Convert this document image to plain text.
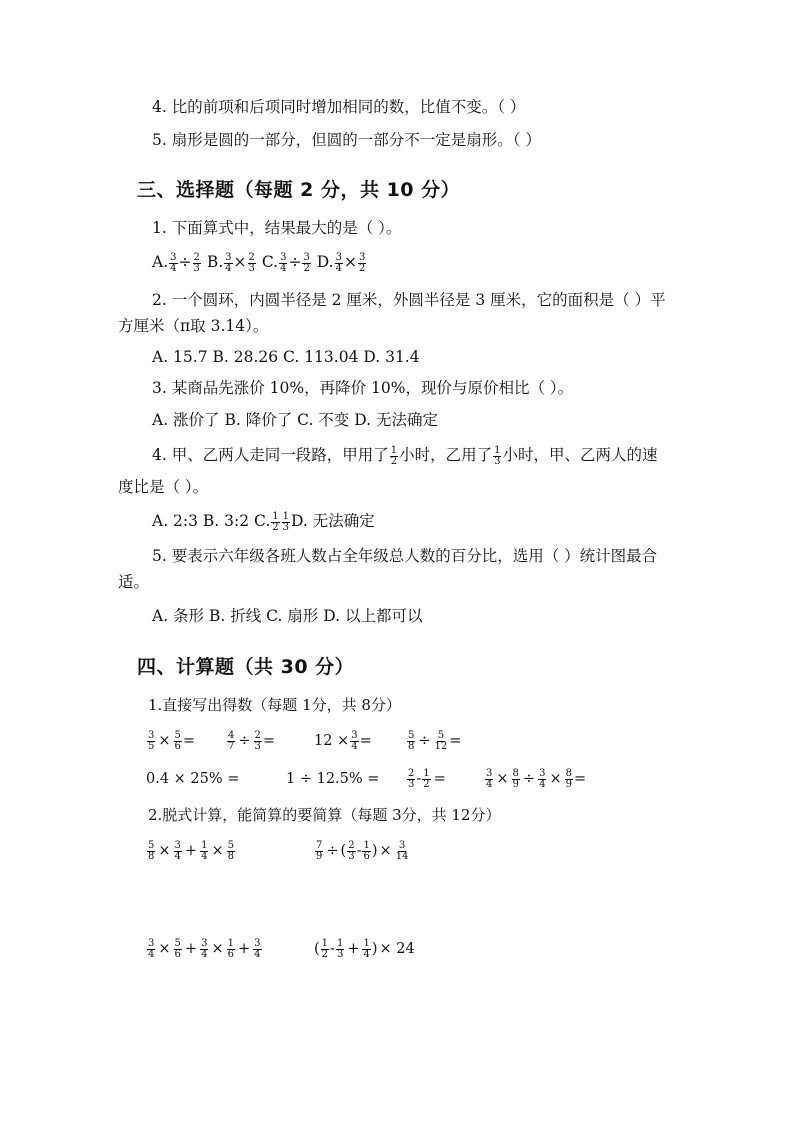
4. 比的前项和后项同时增加相同的数，比值不变。（ ）
5. 扇形是圆的一部分，但圆的一部分不一定是扇形。（ ）
三、选择题（每题 2 分，共 10 分）
1. 下面算式中，结果最大的是（ ）。
A. $\frac{3}{4} \div \frac{2}{3} B$. $\frac{3}{4} \times \frac{2}{3} C$. $\frac{3}{4} \div \frac{3}{2} D$. $\frac{3}{4} \times \frac{3}{2}$
2. 一个圆环，内圆半径是 2 厘米，外圆半径是 3 厘米，它的面积是（ ）平
方厘米（π取 3.14）。
A. 15.7 B. 28.26 C. 113.04 D. 31.4
3. 某商品先涨价 10%，再降价 10%，现价与原价相比（ ）。
A. 涨价了 B. 降价了 C. 不变 D. 无法确定
4. 甲、乙两人走同一段路，甲用了 $\frac{1}{2}$ 小时，乙用了 $\frac{1}{3}$ 小时，甲、乙两人的速
度比是（ ）。
A. 2:3 B. 3:2 C. $\frac{1}{2} \frac{1}{3} D$. 无法确定
5. 要表示六年级各班人数占全年级总人数的百分比，选用（ ）统计图最合
适。
A. 条形 B. 折线 C. 扇形 D. 以上都可以
四、计算题（共 30 分）
1.直接写出得数（每题 1分，共 8分）
$\frac{3}{5} \times \frac{5}{6}$ =	$\frac{4}{7} \div \frac{2}{3}$ =	$12 \times \frac{3}{4}$ =	$\frac{5}{8} \div \frac{5}{12}$ =
0.4 × 25% =	1 ÷ 12.5% =	$\frac{2}{3} - \frac{1}{2}$ =	$\frac{3}{4} \times \frac{8}{9} \div \frac{3}{4} \times \frac{8}{9}$ =
2.脱式计算，能简算的要简算（每题 3分，共 12分）
$\frac{5}{8} \times \frac{3}{4} + \frac{1}{4} \times \frac{5}{8}$	$\frac{7}{9}$ ÷ ( $\frac{2}{3} - \frac{1}{6}$ ) × $\frac{3}{14}$
$\frac{3}{4} \times \frac{5}{6} + \frac{3}{4} \times \frac{1}{6} + \frac{3}{4}$	( $\frac{1}{2} - \frac{1}{3} + \frac{1}{4}$ ) × 24
